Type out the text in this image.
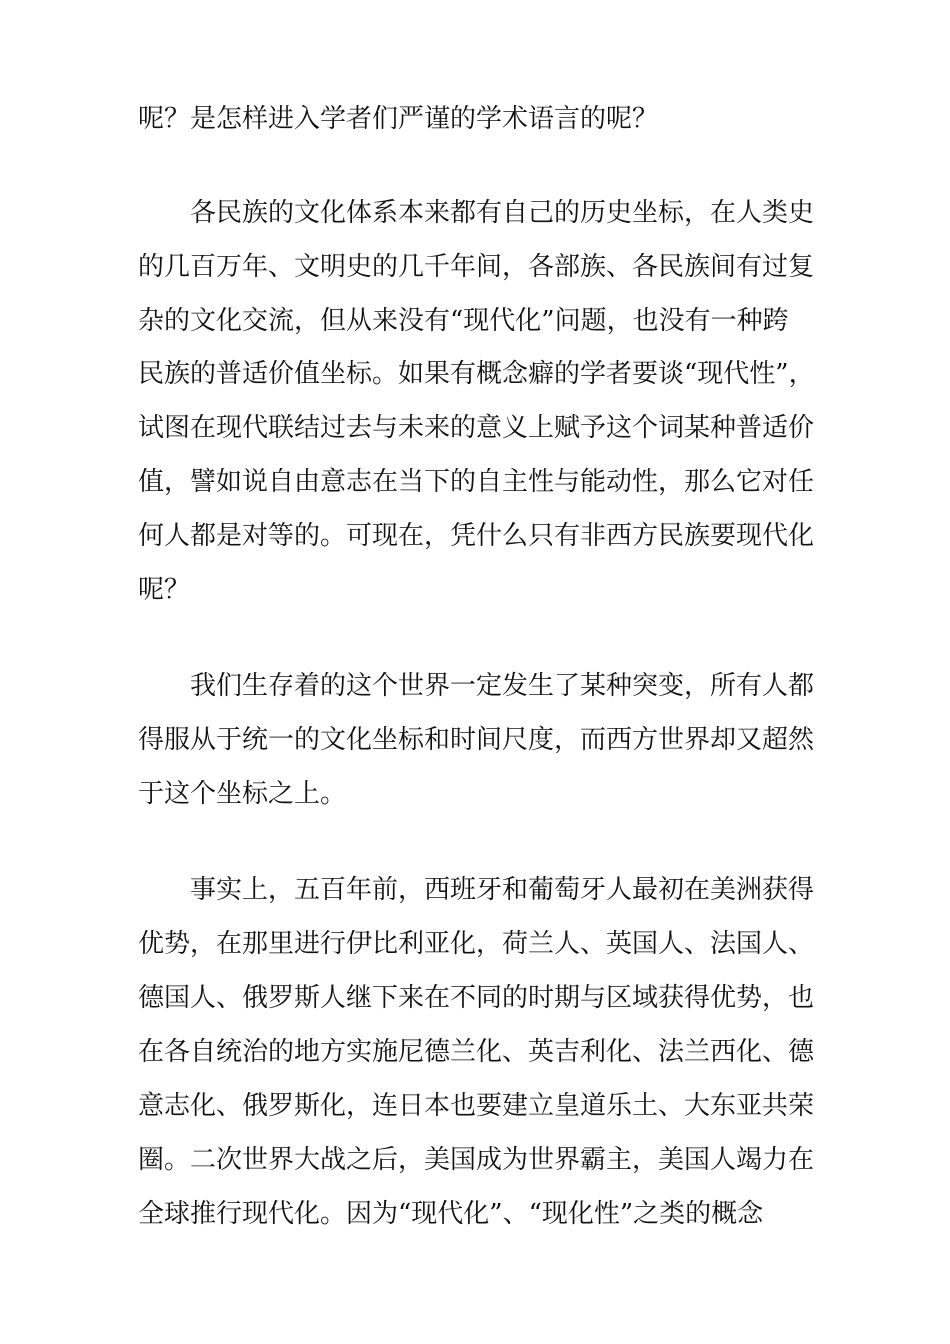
呢？是怎样进入学者们严谨的学术语言的呢？

各民族的文化体系本来都有自己的历史坐标，在人类史

的几百万年、文明史的几千年间，各部族、各民族间有过复

杂的文化交流，但从来没有“现代化”问题，也没有一种跨

民族的普适价值坐标。如果有概念癖的学者要谈“现代性”，

试图在现代联结过去与未来的意义上赋予这个词某种普适价

值，譬如说自由意志在当下的自主性与能动性，那么它对任

何人都是对等的。可现在，凭什么只有非西方民族要现代化

呢？

我们生存着的这个世界一定发生了某种突变，所有人都

得服从于统一的文化坐标和时间尺度，而西方世界却又超然

于这个坐标之上。

事实上，五百年前，西班牙和葡萄牙人最初在美洲获得

优势，在那里进行伊比利亚化，荷兰人、英国人、法国人、

德国人、俄罗斯人继下来在不同的时期与区域获得优势，也

在各自统治的地方实施尼德兰化、英吉利化、法兰西化、德

意志化、俄罗斯化，连日本也要建立皇道乐土、大东亚共荣

圈。二次世界大战之后，美国成为世界霸主，美国人竭力在

全球推行现代化。因为“现代化”、“现化性”之类的概念
